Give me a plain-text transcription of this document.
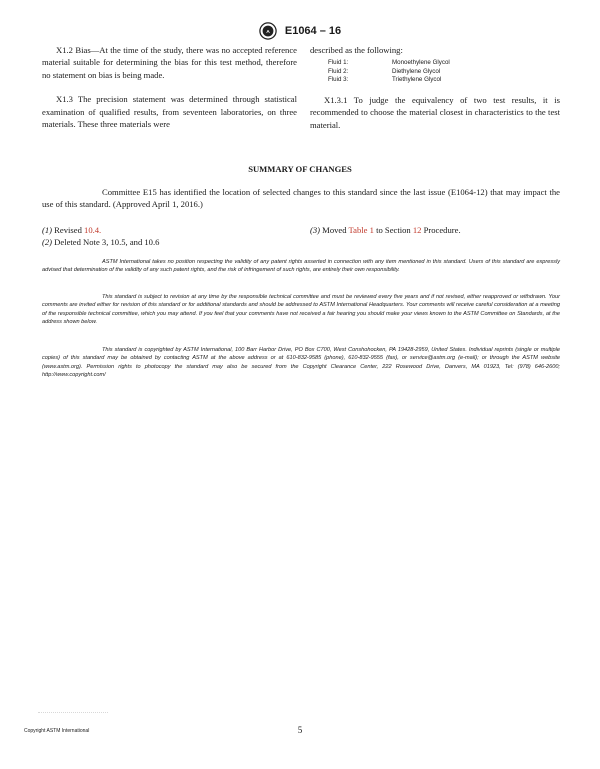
A E1064 – 16

X1.2 Bias—At the time of the study, there was no accepted reference material suitable for determining the bias for this test method, therefore no statement on bias is being made.

X1.3 The precision statement was determined through statistical examination of qualified results, from seventeen laboratories, on three materials. These three materials were

described as the following:

Fluid 1:	Monoethylene Glycol
Fluid 2:	Diethylene Glycol
Fluid 3:	Triethylene Glycol

X1.3.1 To judge the equivalency of two test results, it is recommended to choose the material closest in characteristics to the test material.

SUMMARY OF CHANGES

Committee E15 has identified the location of selected changes to this standard since the last issue (E1064-12) that may impact the use of this standard. (Approved April 1, 2016.)

(1) Revised 10.4.
(2) Deleted Note 3, 10.5, and 10.6
(3) Moved Table 1 to Section 12 Procedure.

ASTM International takes no position respecting the validity of any patent rights asserted in connection with any item mentioned in this standard. Users of this standard are expressly advised that determination of the validity of any such patent rights, and the risk of infringement of such rights, are entirely their own responsibility.

This standard is subject to revision at any time by the responsible technical committee and must be reviewed every five years and if not revised, either reapproved or withdrawn. Your comments are invited either for revision of this standard or for additional standards and should be addressed to ASTM International Headquarters. Your comments will receive careful consideration at a meeting of the responsible technical committee, which you may attend. If you feel that your comments have not received a fair hearing you should make your views known to the ASTM Committee on Standards, at the address shown below.

This standard is copyrighted by ASTM International, 100 Barr Harbor Drive, PO Box C700, West Conshohocken, PA 19428-2959, United States. Individual reprints (single or multiple copies) of this standard may be obtained by contacting ASTM at the above address or at 610-832-9585 (phone), 610-832-9555 (fax), or service@astm.org (e-mail); or through the ASTM website (www.astm.org). Permission rights to photocopy the standard may also be secured from the Copyright Clearance Center, 222 Rosewood Drive, Danvers, MA 01923, Tel: (978) 646-2600; http://www.copyright.com/

Copyright ASTM International	5
